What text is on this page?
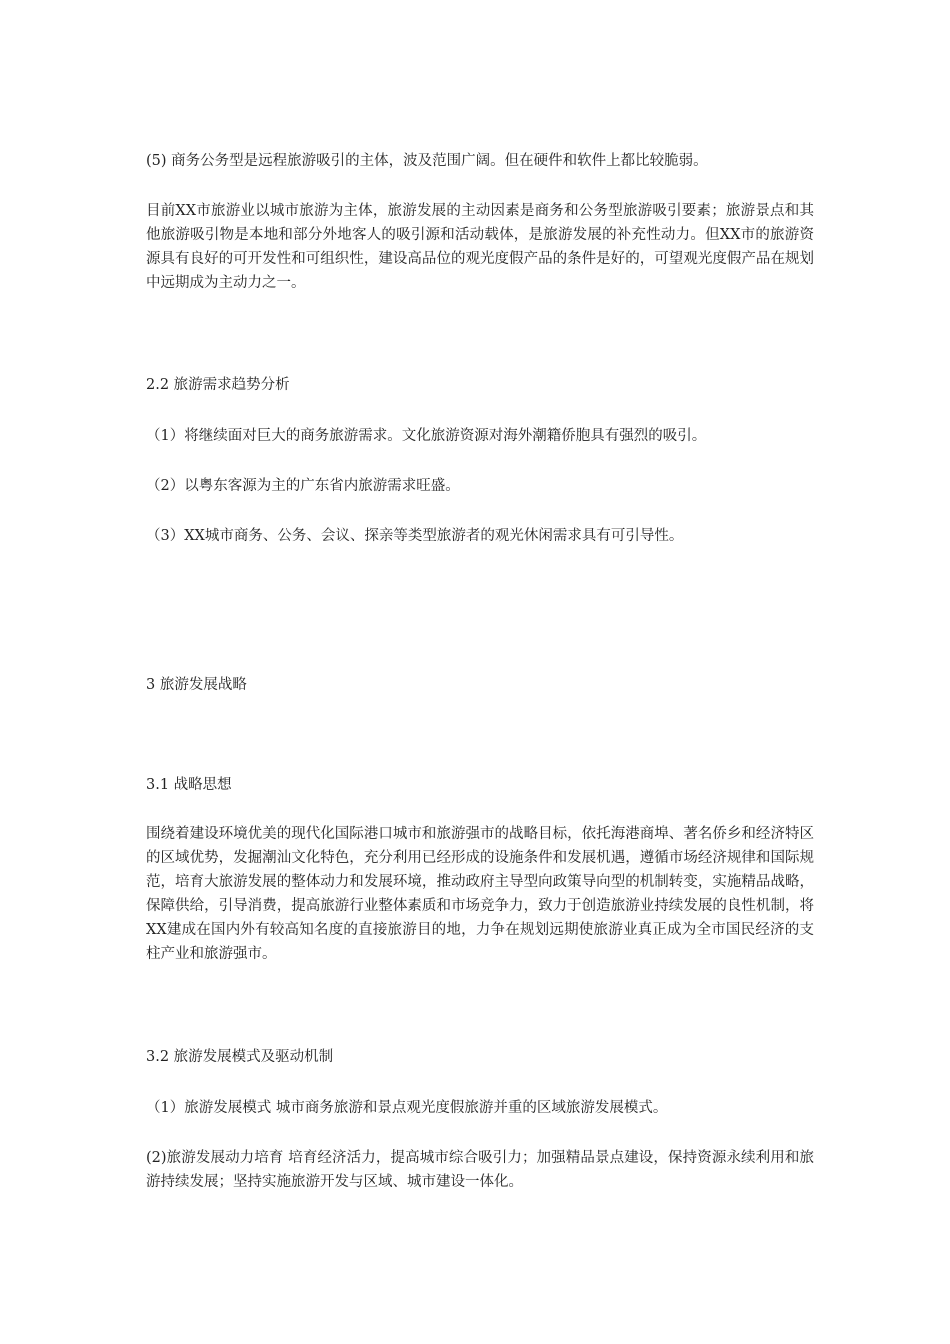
(5) 商务公务型是远程旅游吸引的主体，波及范围广阔。但在硬件和软件上都比较脆弱。

目前XX市旅游业以城市旅游为主体，旅游发展的主动因素是商务和公务型旅游吸引要素；旅游景点和其他旅游吸引物是本地和部分外地客人的吸引源和活动载体，是旅游发展的补充性动力。但XX市的旅游资源具有良好的可开发性和可组织性，建设高品位的观光度假产品的条件是好的，可望观光度假产品在规划中远期成为主动力之一。

2.2 旅游需求趋势分析

（1）将继续面对巨大的商务旅游需求。文化旅游资源对海外潮籍侨胞具有强烈的吸引。

（2）以粤东客源为主的广东省内旅游需求旺盛。

（3）XX城市商务、公务、会议、探亲等类型旅游者的观光休闲需求具有可引导性。

3 旅游发展战略

3.1 战略思想

围绕着建设环境优美的现代化国际港口城市和旅游强市的战略目标，依托海港商埠、著名侨乡和经济特区的区域优势，发掘潮汕文化特色，充分利用已经形成的设施条件和发展机遇，遵循市场经济规律和国际规范，培育大旅游发展的整体动力和发展环境，推动政府主导型向政策导向型的机制转变，实施精品战略，保障供给，引导消费，提高旅游行业整体素质和市场竞争力，致力于创造旅游业持续发展的良性机制，将XX建成在国内外有较高知名度的直接旅游目的地，力争在规划远期使旅游业真正成为全市国民经济的支柱产业和旅游强市。

3.2 旅游发展模式及驱动机制

（1）旅游发展模式 城市商务旅游和景点观光度假旅游并重的区域旅游发展模式。

(2)旅游发展动力培育 培育经济活力，提高城市综合吸引力；加强精品景点建设，保持资源永续利用和旅游持续发展；坚持实施旅游开发与区域、城市建设一体化。
